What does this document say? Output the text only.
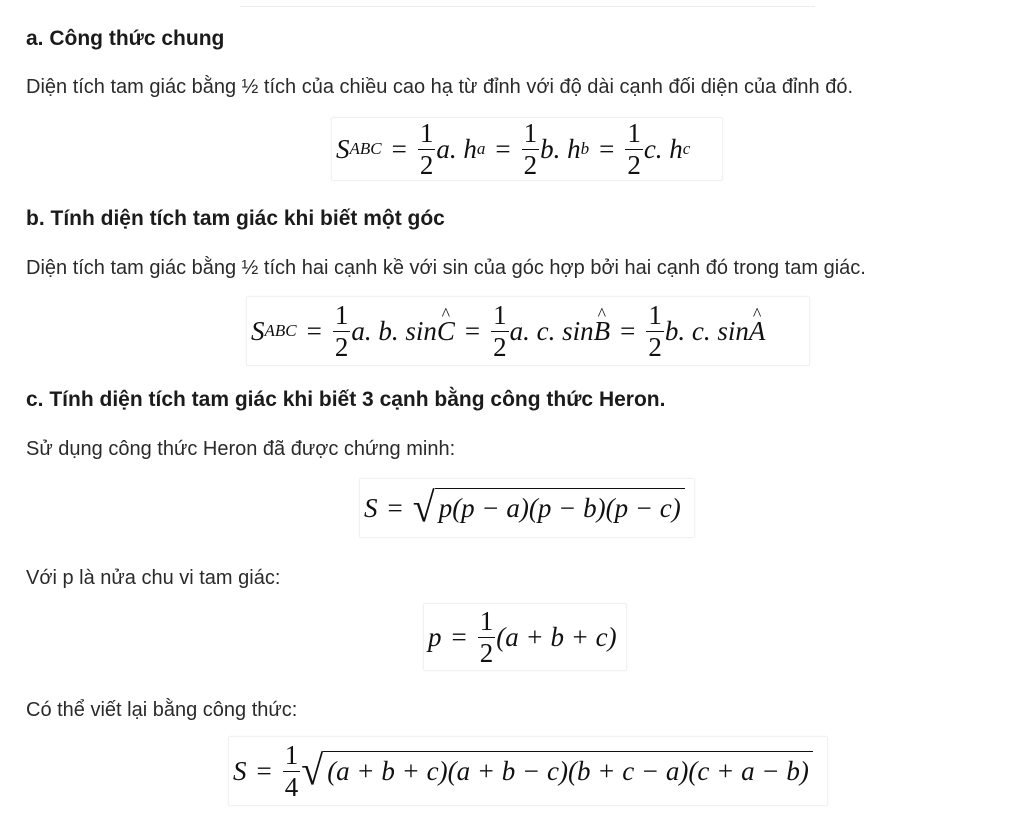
a. Công thức chung

Diện tích tam giác bằng ½ tích của chiều cao hạ từ đỉnh với độ dài cạnh đối diện của đỉnh đó.

S ABC = $\frac{1}{2} a$. h $a = \frac{1}{2} b$. h $b = \frac{1}{2} c$. h c
b. Tính diện tích tam giác khi biết một góc

Diện tích tam giác bằng ½ tích hai cạnh kề với sin của góc hợp bởi hai cạnh đó trong tam giác.

S ABC = $\frac{1}{2} a$. b. sin C ^ = $\frac{1}{2} a$. c. sin B ^ = $\frac{1}{2} b$. c. sin A ^
c. Tính diện tích tam giác khi biết 3 cạnh bằng công thức Heron.

Sử dụng công thức Heron đã được chứng minh:

S = √ p(p − a)(p − b)(p − c)

Với p là nửa chu vi tam giác:

$p = \frac{1}{2} (a + b + c)$

Có thể viết lại bằng công thức:

$S = \frac{1}{4}$ √ (a + b + c)(a + b − c)(b + c − a)(c + a − b)
